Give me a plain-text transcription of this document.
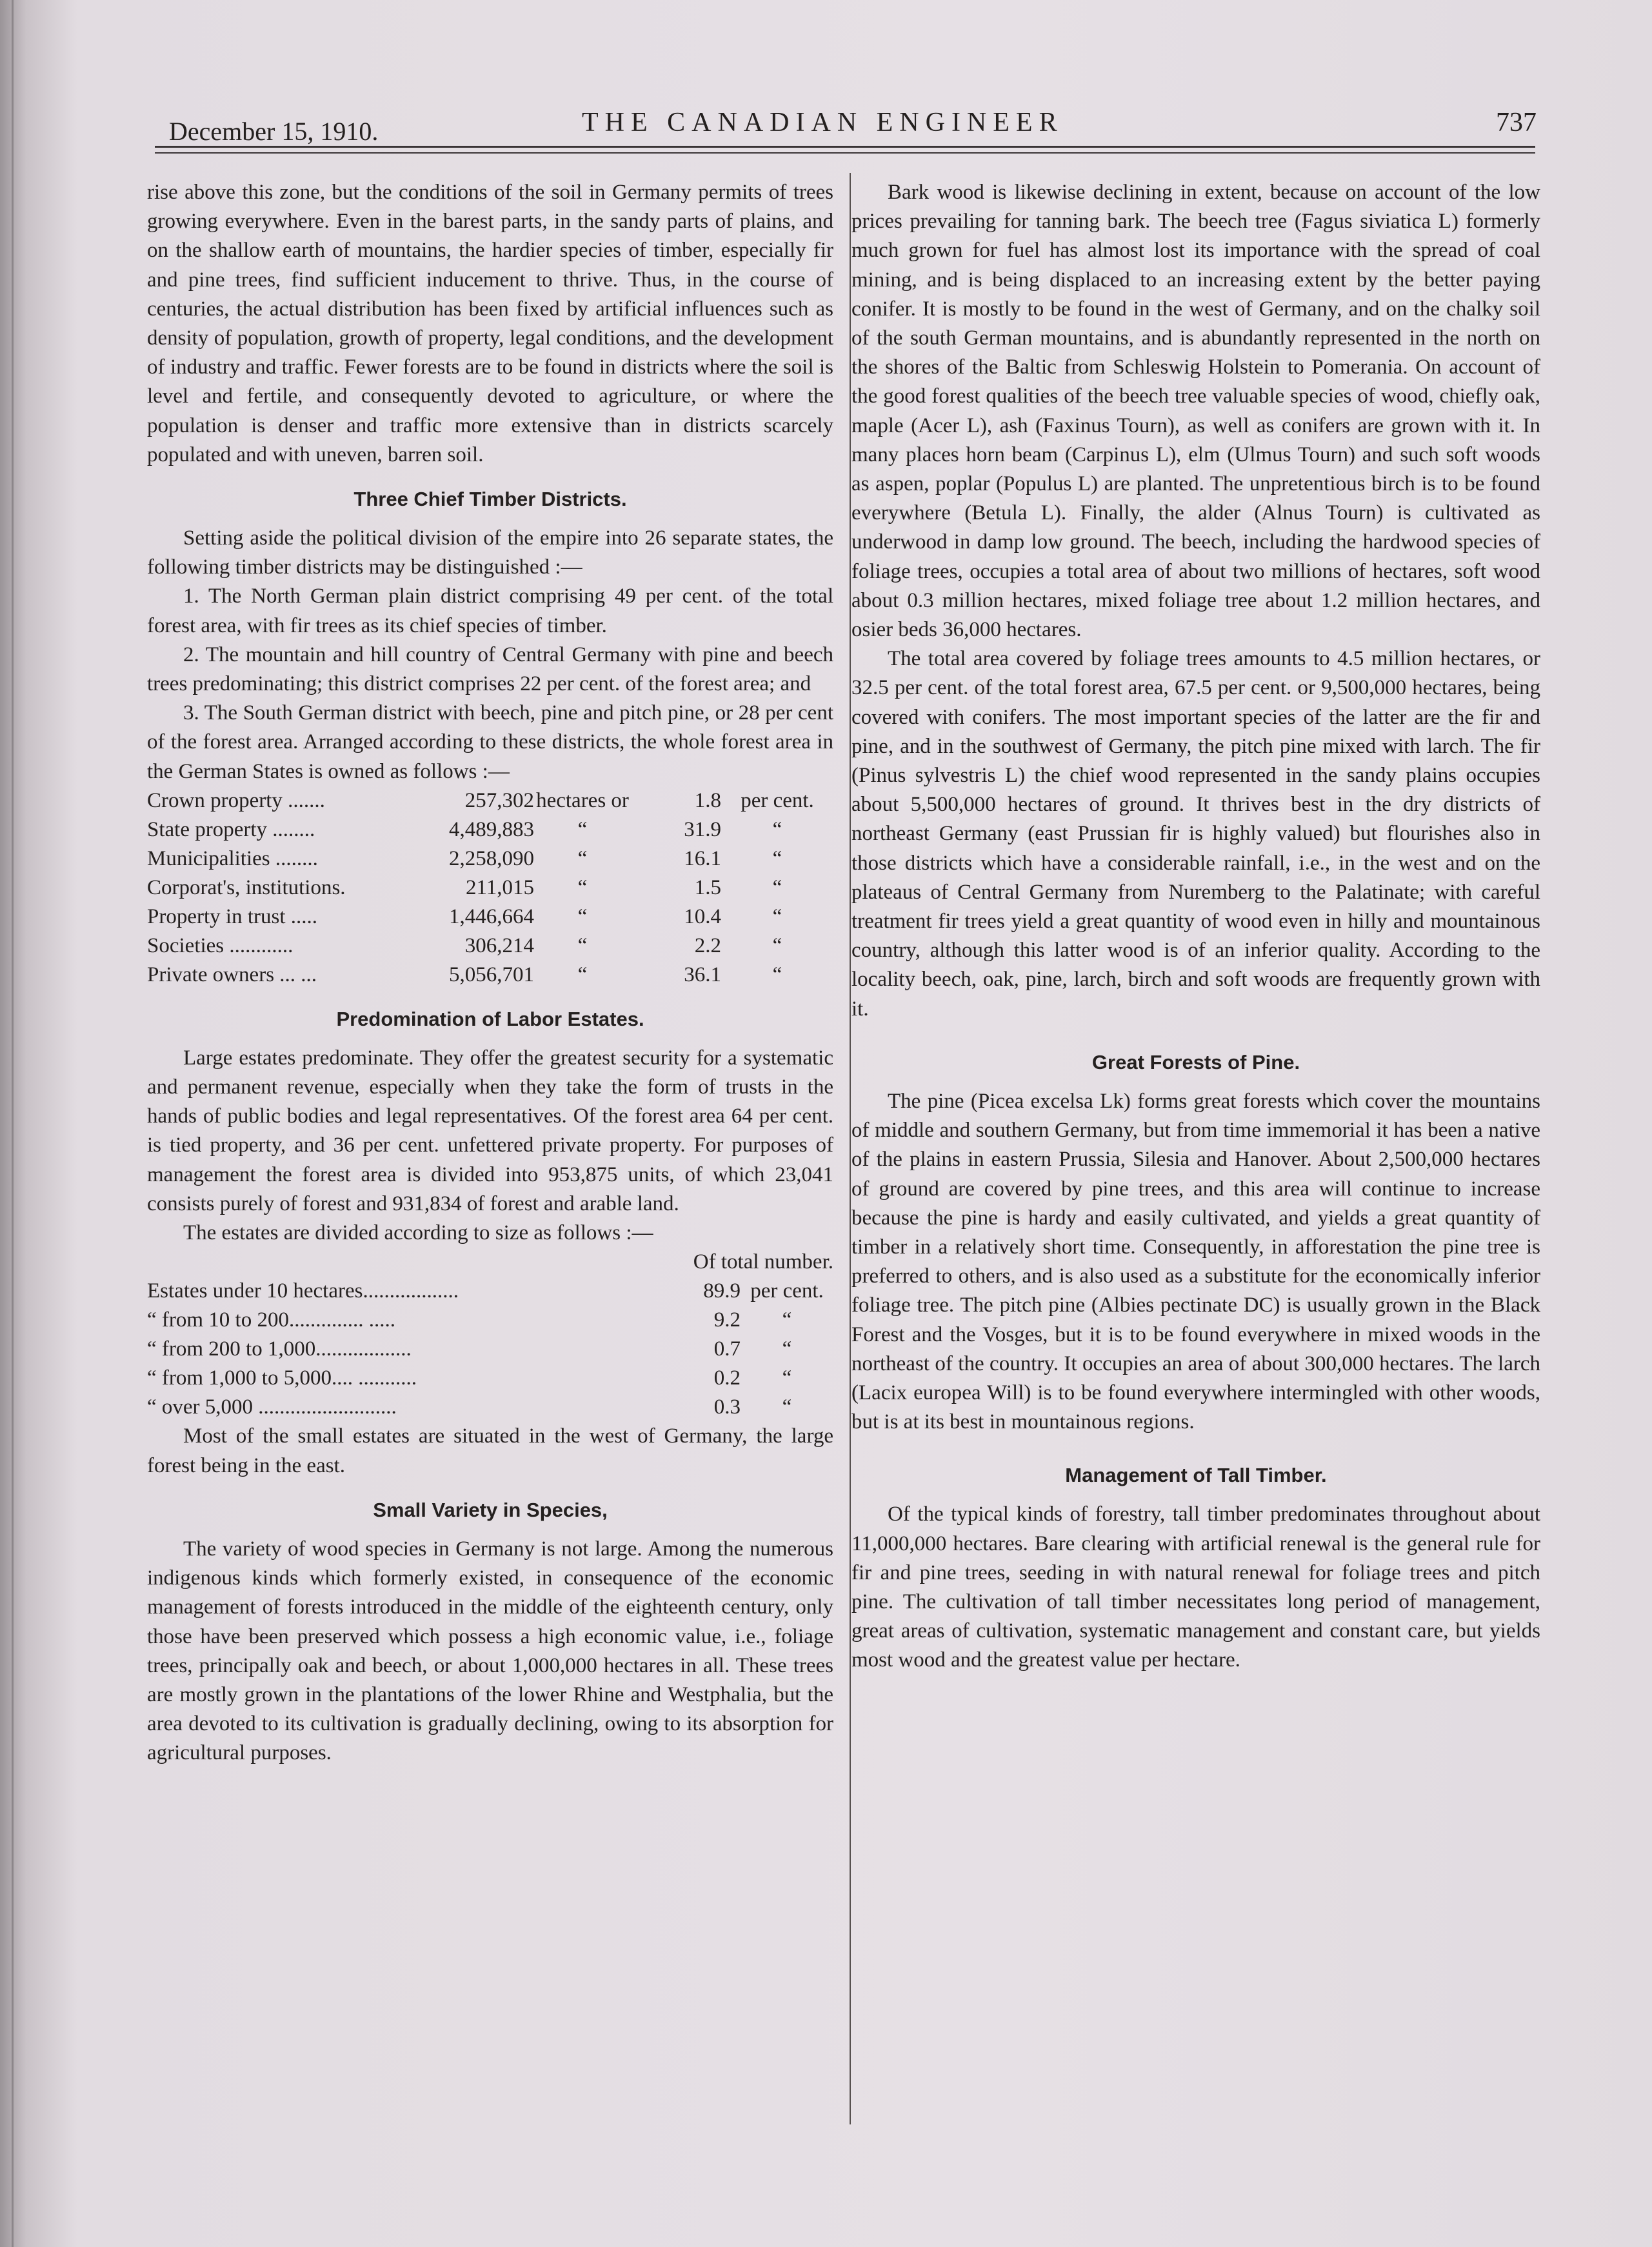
December 15, 1910.	THE CANADIAN ENGINEER	737

rise above this zone, but the conditions of the soil in Germany permits of trees growing everywhere. Even in the barest parts, in the sandy parts of plains, and on the shallow earth of mountains, the hardier species of timber, especially fir and pine trees, find sufficient inducement to thrive. Thus, in the course of centuries, the actual distribution has been fixed by artificial influences such as density of population, growth of property, legal conditions, and the development of industry and traffic. Fewer forests are to be found in districts where the soil is level and fertile, and consequently devoted to agriculture, or where the population is denser and traffic more extensive than in districts scarcely populated and with uneven, barren soil.

Three Chief Timber Districts.

Setting aside the political division of the empire into 26 separate states, the following timber districts may be distinguished :—

1. The North German plain district comprising 49 per cent. of the total forest area, with fir trees as its chief species of timber.

2. The mountain and hill country of Central Germany with pine and beech trees predominating; this district comprises 22 per cent. of the forest area; and

3. The South German district with beech, pine and pitch pine, or 28 per cent of the forest area. Arranged according to these districts, the whole forest area in the German States is owned as follows :—

Crown property .......	257,302	hectares or	1.8	per cent.
State property ........	4,489,883	“	31.9	“
Municipalities ........	2,258,090	“	16.1	“
Corporat's, institutions.	211,015	“	1.5	“
Property in trust .....	1,446,664	“	10.4	“
Societies ............	306,214	“	2.2	“
Private owners ... ...	5,056,701	“	36.1	“
Predomination of Labor Estates.

Large estates predominate. They offer the greatest security for a systematic and permanent revenue, especially when they take the form of trusts in the hands of public bodies and legal representatives. Of the forest area 64 per cent. is tied property, and 36 per cent. unfettered private property. For purposes of management the forest area is divided into 953,875 units, of which 23,041 consists purely of forest and 931,834 of forest and arable land.

The estates are divided according to size as follows :—

Of total number.
Estates under 10 hectares..................	89.9	per cent.
“ from 10 to 200.............. .....	9.2	“
“ from 200 to 1,000..................	0.7	“
“ from 1,000 to 5,000.... ...........	0.2	“
“ over 5,000 ..........................	0.3	“

Most of the small estates are situated in the west of Germany, the large forest being in the east.

Small Variety in Species,

The variety of wood species in Germany is not large. Among the numerous indigenous kinds which formerly existed, in consequence of the economic management of forests introduced in the middle of the eighteenth century, only those have been preserved which possess a high economic value, i.e., foliage trees, principally oak and beech, or about 1,000,000 hectares in all. These trees are mostly grown in the plantations of the lower Rhine and Westphalia, but the area devoted to its cultivation is gradually declining, owing to its absorption for agricultural purposes.

Bark wood is likewise declining in extent, because on account of the low prices prevailing for tanning bark. The beech tree (Fagus siviatica L) formerly much grown for fuel has almost lost its importance with the spread of coal mining, and is being displaced to an increasing extent by the better paying conifer. It is mostly to be found in the west of Germany, and on the chalky soil of the south German mountains, and is abundantly represented in the north on the shores of the Baltic from Schleswig Holstein to Pomerania. On account of the good forest qualities of the beech tree valuable species of wood, chiefly oak, maple (Acer L), ash (Faxinus Tourn), as well as conifers are grown with it. In many places horn beam (Carpinus L), elm (Ulmus Tourn) and such soft woods as aspen, poplar (Populus L) are planted. The unpretentious birch is to be found everywhere (Betula L). Finally, the alder (Alnus Tourn) is cultivated as underwood in damp low ground. The beech, including the hardwood species of foliage trees, occupies a total area of about two millions of hectares, soft wood about 0.3 million hectares, mixed foliage tree about 1.2 million hectares, and osier beds 36,000 hectares.

The total area covered by foliage trees amounts to 4.5 million hectares, or 32.5 per cent. of the total forest area, 67.5 per cent. or 9,500,000 hectares, being covered with conifers. The most important species of the latter are the fir and pine, and in the southwest of Germany, the pitch pine mixed with larch. The fir (Pinus sylvestris L) the chief wood represented in the sandy plains occupies about 5,500,000 hectares of ground. It thrives best in the dry districts of northeast Germany (east Prussian fir is highly valued) but flourishes also in those districts which have a considerable rainfall, i.e., in the west and on the plateaus of Central Germany from Nuremberg to the Palatinate; with careful treatment fir trees yield a great quantity of wood even in hilly and mountainous country, although this latter wood is of an inferior quality. According to the locality beech, oak, pine, larch, birch and soft woods are frequently grown with it.

Great Forests of Pine.

The pine (Picea excelsa Lk) forms great forests which cover the mountains of middle and southern Germany, but from time immemorial it has been a native of the plains in eastern Prussia, Silesia and Hanover. About 2,500,000 hectares of ground are covered by pine trees, and this area will continue to increase because the pine is hardy and easily cultivated, and yields a great quantity of timber in a relatively short time. Consequently, in afforestation the pine tree is preferred to others, and is also used as a substitute for the economically inferior foliage tree. The pitch pine (Albies pectinate DC) is usually grown in the Black Forest and the Vosges, but it is to be found everywhere in mixed woods in the northeast of the country. It occupies an area of about 300,000 hectares. The larch (Lacix europea Will) is to be found everywhere intermingled with other woods, but is at its best in mountainous regions.

Management of Tall Timber.

Of the typical kinds of forestry, tall timber predominates throughout about 11,000,000 hectares. Bare clearing with artificial renewal is the general rule for fir and pine trees, seeding in with natural renewal for foliage trees and pitch pine. The cultivation of tall timber necessitates long period of management, great areas of cultivation, systematic management and constant care, but yields most wood and the greatest value per hectare.
